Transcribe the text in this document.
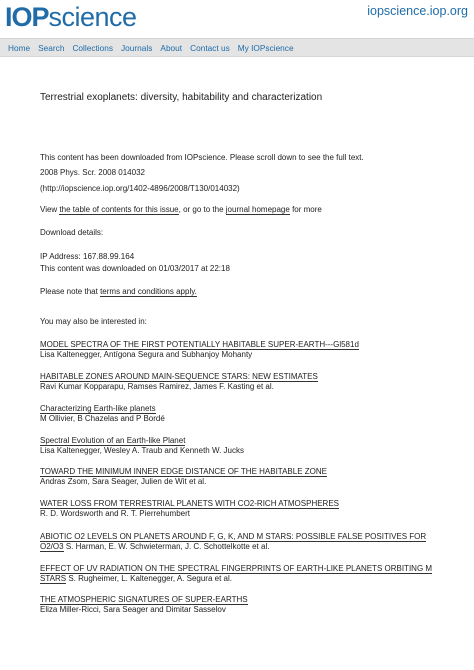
IOPscience	iopscience.iop.org
Home Search Collections Journals About Contact us My IOPscience
Terrestrial exoplanets: diversity, habitability and characterization
This content has been downloaded from IOPscience. Please scroll down to see the full text.
2008 Phys. Scr. 2008 014032
(http://iopscience.iop.org/1402-4896/2008/T130/014032)
View the table of contents for this issue, or go to the journal homepage for more
Download details:
IP Address: 167.88.99.164
This content was downloaded on 01/03/2017 at 22:18
Please note that terms and conditions apply.
You may also be interested in:
MODEL SPECTRA OF THE FIRST POTENTIALLY HABITABLE SUPER-EARTH---Gl581d
Lisa Kaltenegger, Antígona Segura and Subhanjoy Mohanty
HABITABLE ZONES AROUND MAIN-SEQUENCE STARS: NEW ESTIMATES
Ravi Kumar Kopparapu, Ramses Ramirez, James F. Kasting et al.
Characterizing Earth-like planets
M Ollivier, B Chazelas and P Bordé
Spectral Evolution of an Earth-like Planet
Lisa Kaltenegger, Wesley A. Traub and Kenneth W. Jucks
TOWARD THE MINIMUM INNER EDGE DISTANCE OF THE HABITABLE ZONE
Andras Zsom, Sara Seager, Julien de Wit et al.
WATER LOSS FROM TERRESTRIAL PLANETS WITH CO2-RICH ATMOSPHERES
R. D. Wordsworth and R. T. Pierrehumbert
ABIOTIC O2 LEVELS ON PLANETS AROUND F, G, K, AND M STARS: POSSIBLE FALSE POSITIVES FOR
O2/O3 S. Harman, E. W. Schwieterman, J. C. Schottelkotte et al.
EFFECT OF UV RADIATION ON THE SPECTRAL FINGERPRINTS OF EARTH-LIKE PLANETS ORBITING M
STARS S. Rugheimer, L. Kaltenegger, A. Segura et al.
THE ATMOSPHERIC SIGNATURES OF SUPER-EARTHS
Eliza Miller-Ricci, Sara Seager and Dimitar Sasselov
